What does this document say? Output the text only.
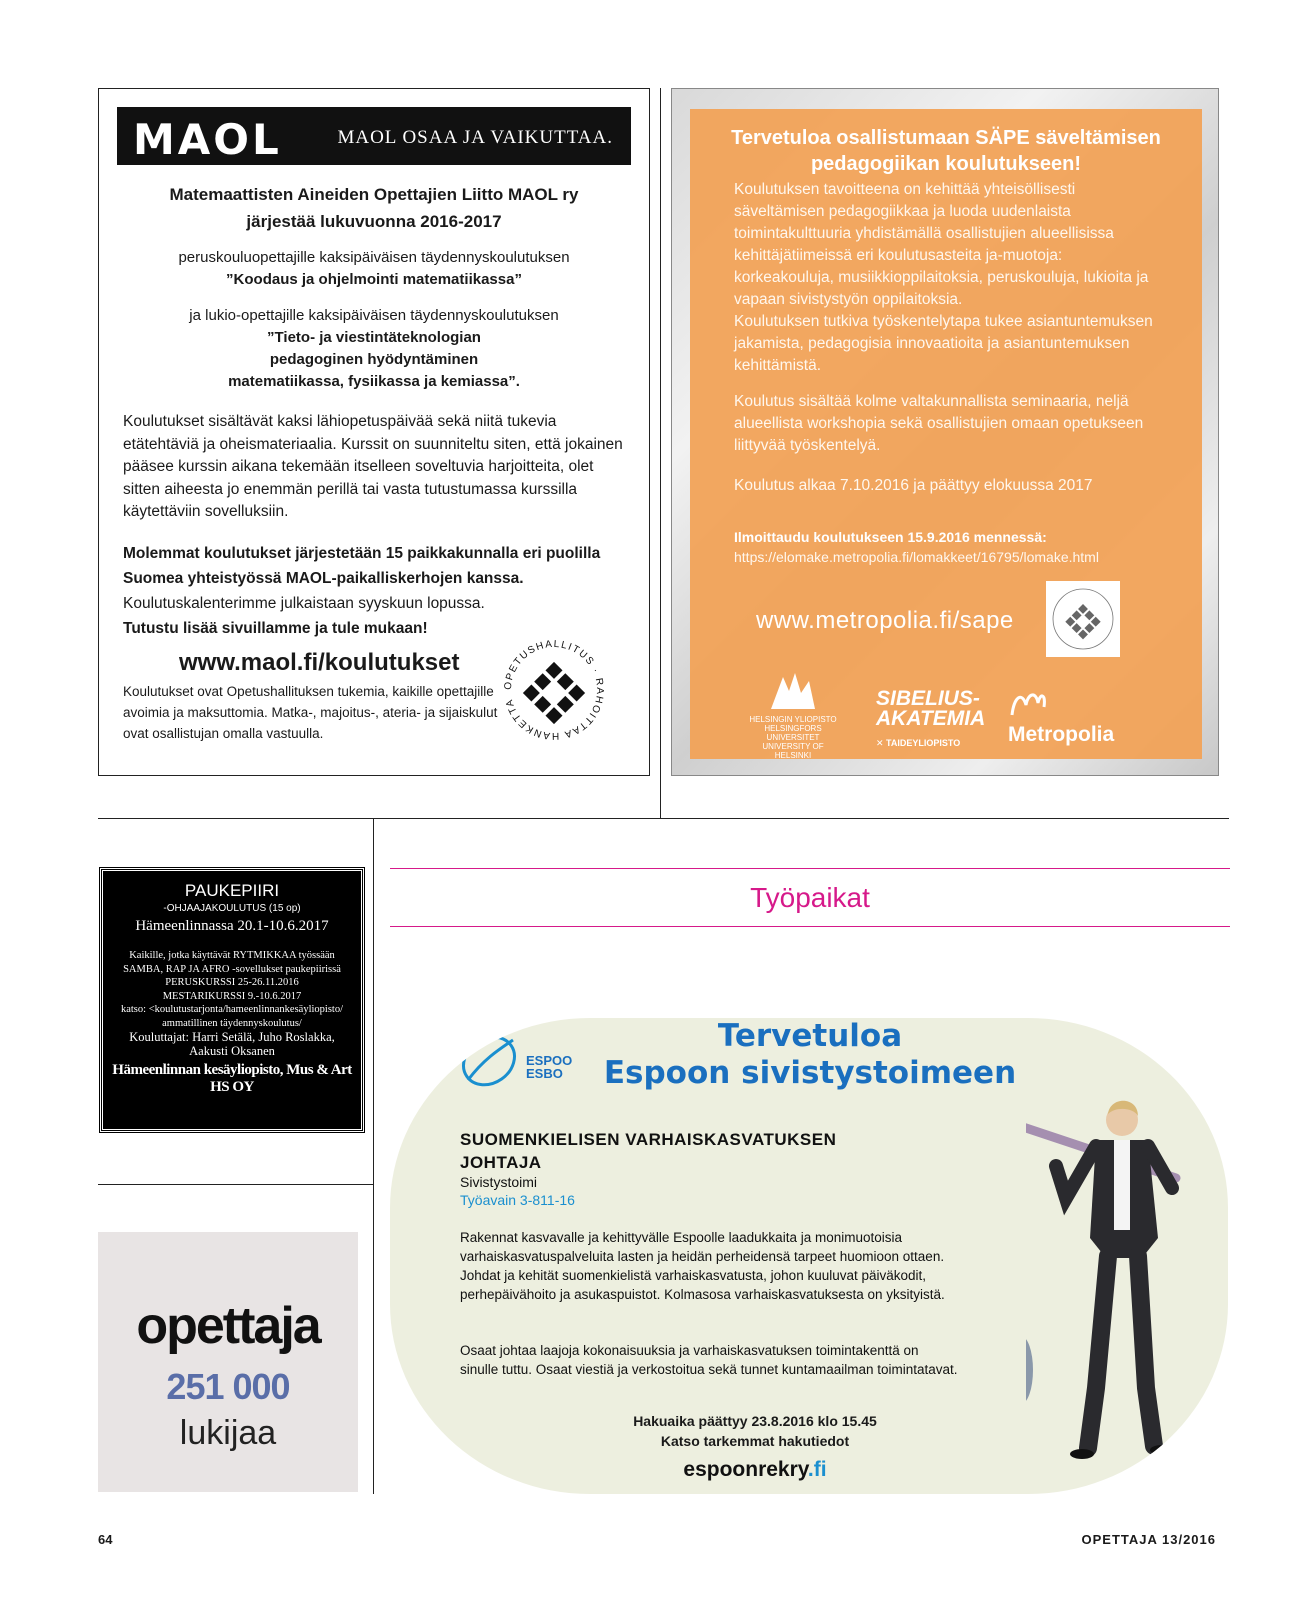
MAOL	MAOL OSAA JA VAIKUTTAA.
Matemaattisten Aineiden Opettajien Liitto MAOL ry
järjestää lukuvuonna 2016-2017
peruskouluopettajille kaksipäiväisen täydennyskoulutuksen
”Koodaus ja ohjelmointi matematiikassa”
ja lukio-opettajille kaksipäiväisen täydennyskoulutuksen
”Tieto- ja viestintäteknologian
pedagoginen hyödyntäminen
matematiikassa, fysiikassa ja kemiassa”.
Koulutukset sisältävät kaksi lähiopetuspäivää sekä niitä tukevia etätehtäviä ja oheismateriaalia. Kurssit on suunniteltu siten, että jokainen pääsee kurssin aikana tekemään itselleen soveltuvia harjoitteita, olet sitten aiheesta jo enemmän perillä tai vasta tutustumassa kurssilla käytettäviin sovelluksiin.
Molemmat koulutukset järjestetään 15 paikkakunnalla eri puolilla Suomea yhteistyössä MAOL-paikalliskerhojen kanssa. Koulutuskalenterimme julkaistaan syyskuun lopussa.
Tutustu lisää sivuillamme ja tule mukaan!
www.maol.fi/koulutukset
Koulutukset ovat Opetushallituksen tukemia, kaikille opettajille avoimia ja maksuttomia. Matka-, majoitus-, ateria- ja sijaiskulut ovat osallistujan omalla vastuulla.
OPETUSHALLITUS · RAHOITTAA HANKETTA
Tervetuloa osallistumaan SÄPE säveltämisen pedagogiikan koulutukseen!
Koulutuksen tavoitteena on kehittää yhteisöllisesti säveltämisen pedagogiikkaa ja luoda uudenlaista toimintakulttuuria yhdistämällä osallistujien alueellisissa kehittäjätiimeissä eri koulutusasteita ja-muotoja: korkeakouluja, musiikkioppilaitoksia, peruskouluja, lukioita ja vapaan sivistystyön oppilaitoksia.
Koulutuksen tutkiva työskentelytapa tukee asiantuntemuksen jakamista, pedagogisia innovaatioita ja asiantuntemuksen kehittämistä.
Koulutus sisältää kolme valtakunnallista seminaaria, neljä alueellista workshopia sekä osallistujien omaan opetukseen liittyvää työskentelyä.
Koulutus alkaa 7.10.2016 ja päättyy elokuussa 2017
Ilmoittaudu koulutukseen 15.9.2016 mennessä:
https://elomake.metropolia.fi/lomakkeet/16795/lomake.html
www.metropolia.fi/sape
HELSINGIN YLIOPISTO HELSINGFORS UNIVERSITET UNIVERSITY OF HELSINKI
SIBELIUS-AKATEMIA
✕ TAIDEYLIOPISTO Metropolia
PAUKEPIIRI
-OHJAAJAKOULUTUS (15 op)
Hämeenlinnassa 20.1-10.6.2017
Kaikille, jotka käyttävät RYTMIKKAA työssään
SAMBA, RAP JA AFRO -sovellukset paukepiirissä
PERUSKURSSI 25-26.11.2016
MESTARIKURSSI 9.-10.6.2017
katso: <koulutustarjonta/hameenlinnankesäyliopisto/
ammatillinen täydennyskoulutus/
Kouluttajat: Harri Setälä, Juho Roslakka,
Aakusti Oksanen
Hämeenlinnan kesäyliopisto, Mus & Art HS OY
opettaja
251 000
lukijaa
Työpaikat
ESPOO
ESBO
Tervetuloa
Espoon sivistystoimeen
SUOMENKIELISEN VARHAISKASVATUKSEN JOHTAJA
Sivistystoimi
Työavain 3-811-16
Rakennat kasvavalle ja kehittyvälle Espoolle laadukkaita ja monimuotoisia varhaiskasvatuspalveluita lasten ja heidän perheidensä tarpeet huomioon ottaen. Johdat ja kehität suomenkielistä varhaiskasvatusta, johon kuuluvat päiväkodit, perhepäivähoito ja asukaspuistot. Kolmasosa varhaiskasvatuksesta on yksityistä.
Osaat johtaa laajoja kokonaisuuksia ja varhaiskasvatuksen toimintakenttä on sinulle tuttu. Osaat viestiä ja verkostoitua sekä tunnet kuntamaailman toimintatavat.
Hakuaika päättyy 23.8.2016 klo 15.45
Katso tarkemmat hakutiedot
espoonrekry.fi
64	OPETTAJA 13/2016
